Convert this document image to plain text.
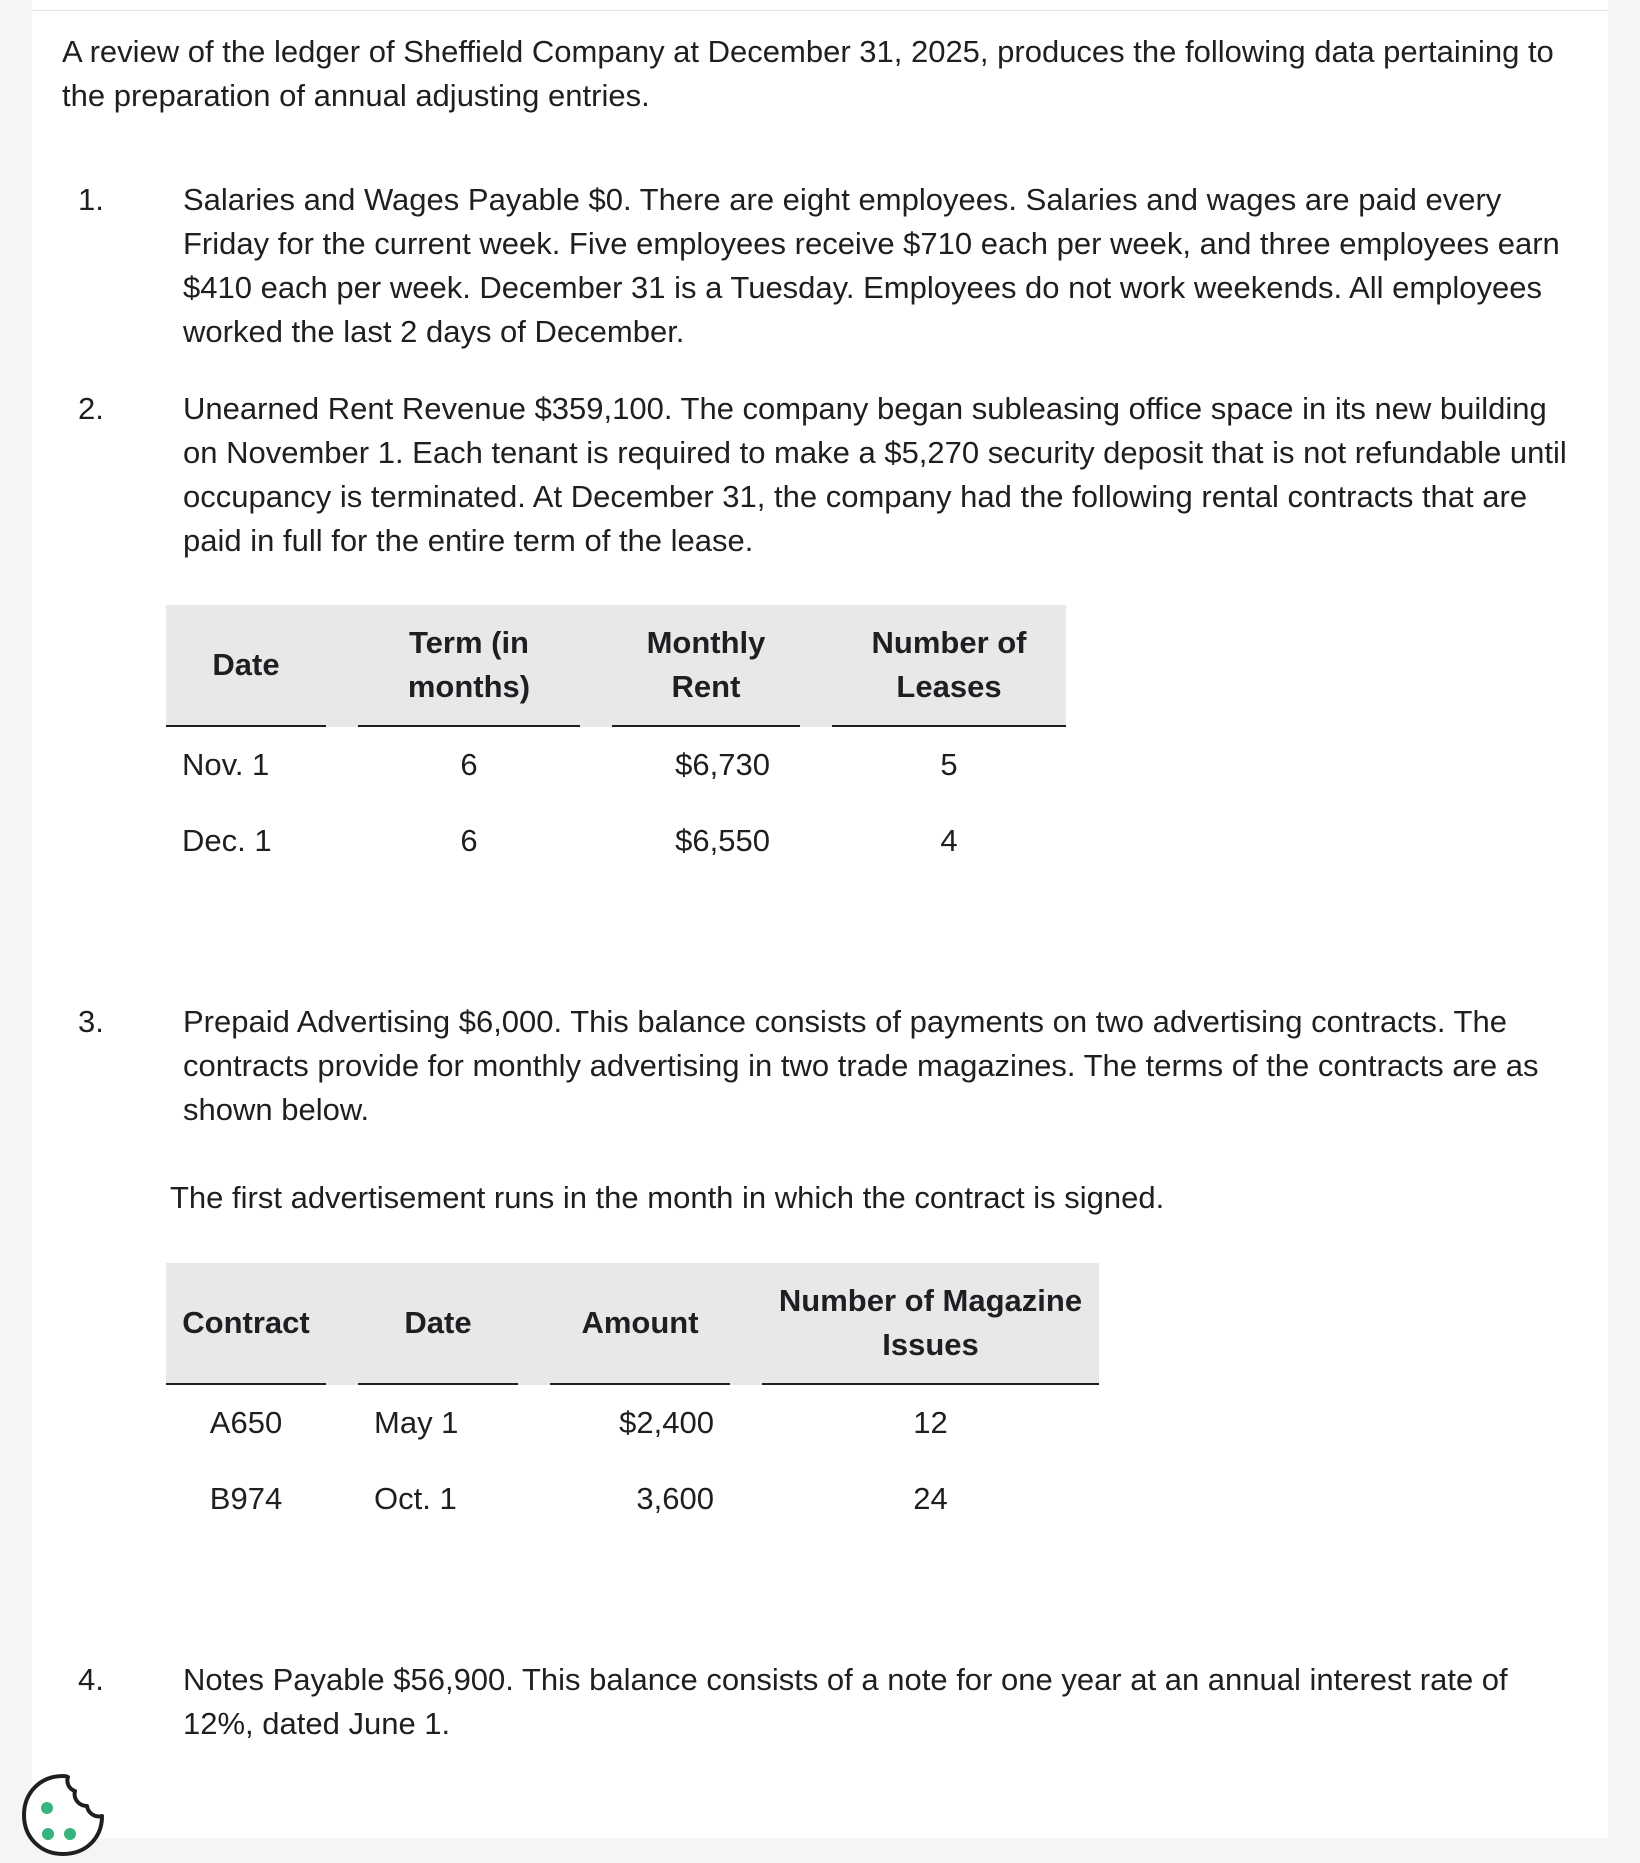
A review of the ledger of Sheffield Company at December 31, 2025, produces the following data pertaining to the preparation of annual adjusting entries.

1.	Salaries and Wages Payable $0. There are eight employees. Salaries and wages are paid every Friday for the current week. Five employees receive $710 each per week, and three employees earn $410 each per week. December 31 is a Tuesday. Employees do not work weekends. All employees worked the last 2 days of December.
2.	Unearned Rent Revenue $359,100. The company began subleasing office space in its new building on November 1. Each tenant is required to make a $5,270 security deposit that is not refundable until occupancy is terminated. At December 31, the company had the following rental contracts that are paid in full for the entire term of the lease.
Date		Term (in months)		Monthly Rent		Number of Leases
Nov. 1		6		$6,730		5
Dec. 1		6		$6,550		4
3.	Prepaid Advertising $6,000. This balance consists of payments on two advertising contracts. The contracts provide for monthly advertising in two trade magazines. The terms of the contracts are as shown below.

The first advertisement runs in the month in which the contract is signed.

Contract		Date		Amount		Number of Magazine Issues
A650		May 1		$2,400		12
B974		Oct. 1		3,600		24
4.	Notes Payable $56,900. This balance consists of a note for one year at an annual interest rate of 12%, dated June 1.
